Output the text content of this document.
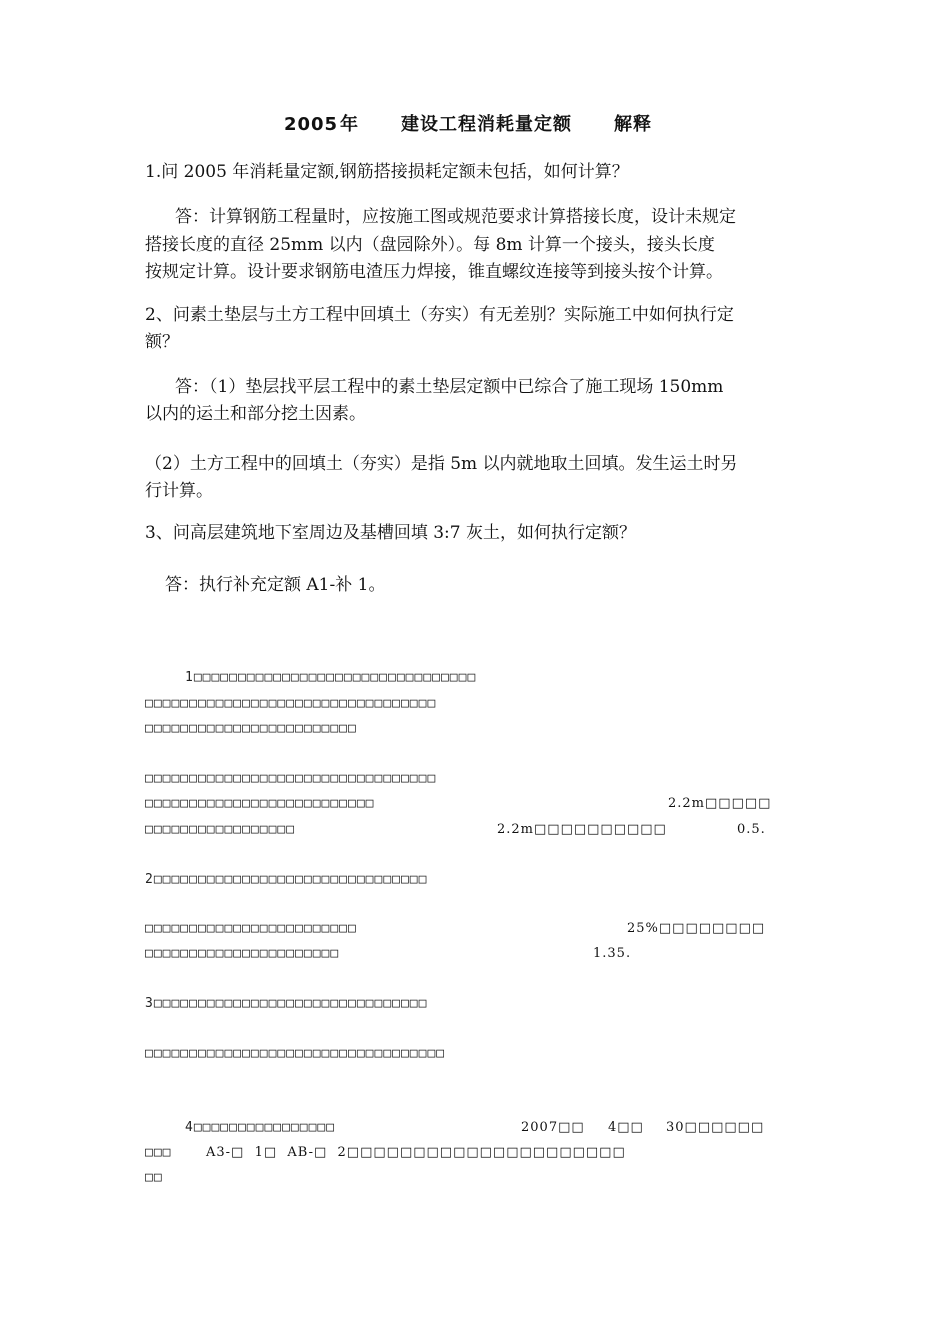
2005 年 建设工程消耗量定额 解释
1.问 2005 年消耗量定额,钢筋搭接损耗定额未包括，如何计算？
答：计算钢筋工程量时，应按施工图或规范要求计算搭接长度，设计未规定
搭接长度的直径 25mm 以内（盘园除外）。每 8m 计算一个接头，接头长度
按规定计算。设计要求钢筋电渣压力焊接，锥直螺纹连接等到接头按个计算。
2、问素土垫层与土方工程中回填土（夯实）有无差别？实际施工中如何执行定
额？
答：（1）垫层找平层工程中的素土垫层定额中已综合了施工现场 150mm
以内的运土和部分挖土因素。
（2）土方工程中的回填土（夯实）是指 5m 以内就地取土回填。发生运土时另
行计算。
3、问高层建筑地下室周边及基槽回填 3:7 灰土，如何执行定额？
答：执行补充定额 A1-补 1。
1□□□□□□□□□□□□□□□□□□□□□□□□□□□□□□□□
□□□□□□□□□□□□□□□□□□□□□□□□□□□□□□□□□
□□□□□□□□□□□□□□□□□□□□□□□□
□□□□□□□□□□□□□□□□□□□□□□□□□□□□□□□□□
□□□□□□□□□□□□□□□□□□□□□□□□□□	2.2m□□□□□
□□□□□□□□□□□□□□□□□	2.2m□□□□□□□□□□	0.5.
2□□□□□□□□□□□□□□□□□□□□□□□□□□□□□□□
□□□□□□□□□□□□□□□□□□□□□□□□	25%□□□□□□□□
□□□□□□□□□□□□□□□□□□□□□□	1.35.
3□□□□□□□□□□□□□□□□□□□□□□□□□□□□□□□
□□□□□□□□□□□□□□□□□□□□□□□□□□□□□□□□□□
4□□□□□□□□□□□□□□□□	2007□□ 4□□ 30□□□□□□
□□□	A3-□  1□  AB-□  2□□□□□□□□□□□□□□□□□□□□□
□□
